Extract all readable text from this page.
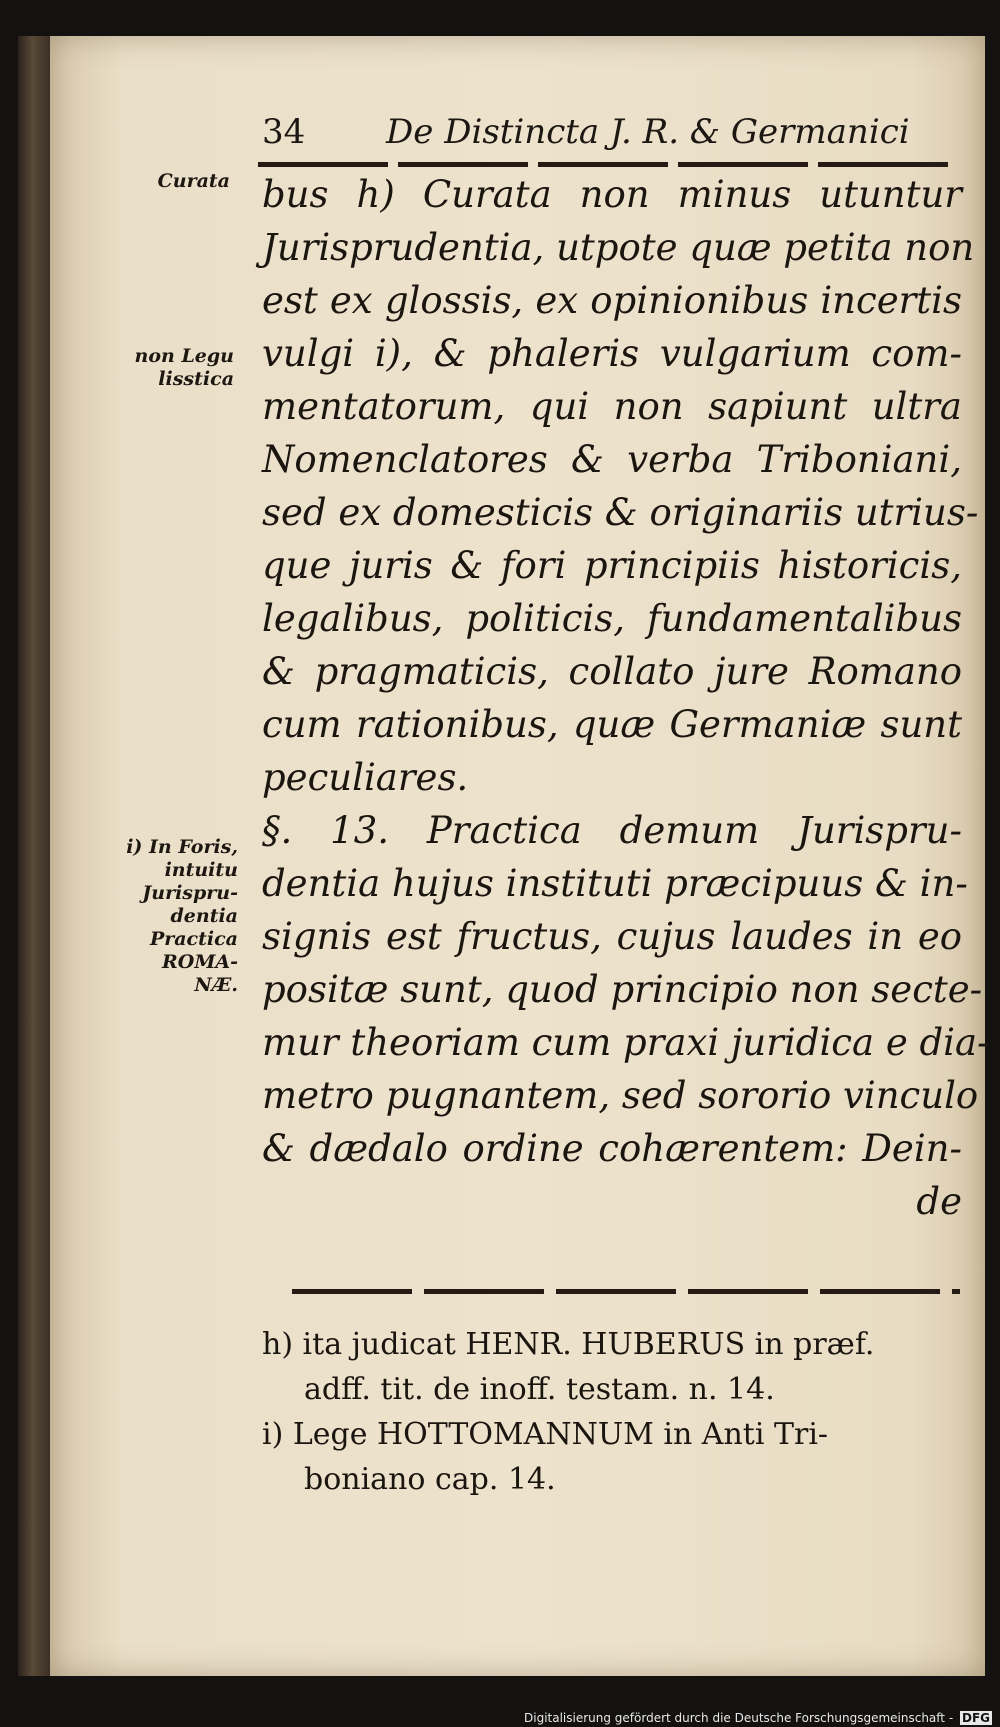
34 De Distincta J. R. & Germanici
Curata
non Legu lisstica
i) In Foris, intuitu Jurispru- dentia Practica ROMA- NÆ.
bus h) Curata non minus utuntur
Jurisprudentia, utpote quæ petita non
est ex glossis, ex opinionibus incertis
vulgi i), & phaleris vulgarium com-
mentatorum, qui non sapiunt ultra
Nomenclatores & verba Triboniani,
sed ex domesticis & originariis utrius-
que juris & fori principiis historicis,
legalibus, politicis, fundamentalibus
& pragmaticis, collato jure Romano
cum rationibus, quæ Germaniæ sunt
peculiares.
§. 13. Practica demum Jurispru-
dentia hujus instituti præcipuus & in-
signis est fructus, cujus laudes in eo
positæ sunt, quod principio non secte-
mur theoriam cum praxi juridica e dia-
metro pugnantem, sed sororio vinculo
& dædalo ordine cohærentem: Dein-
de
h) ita judicat HENR. HUBERUS in præf.
adff. tit. de inoff. testam. n. 14.
i) Lege HOTTOMANNUM in Anti Tri-
boniano cap. 14.
Digitalisierung gefördert durch die Deutsche Forschungsgemeinschaft - DFG
